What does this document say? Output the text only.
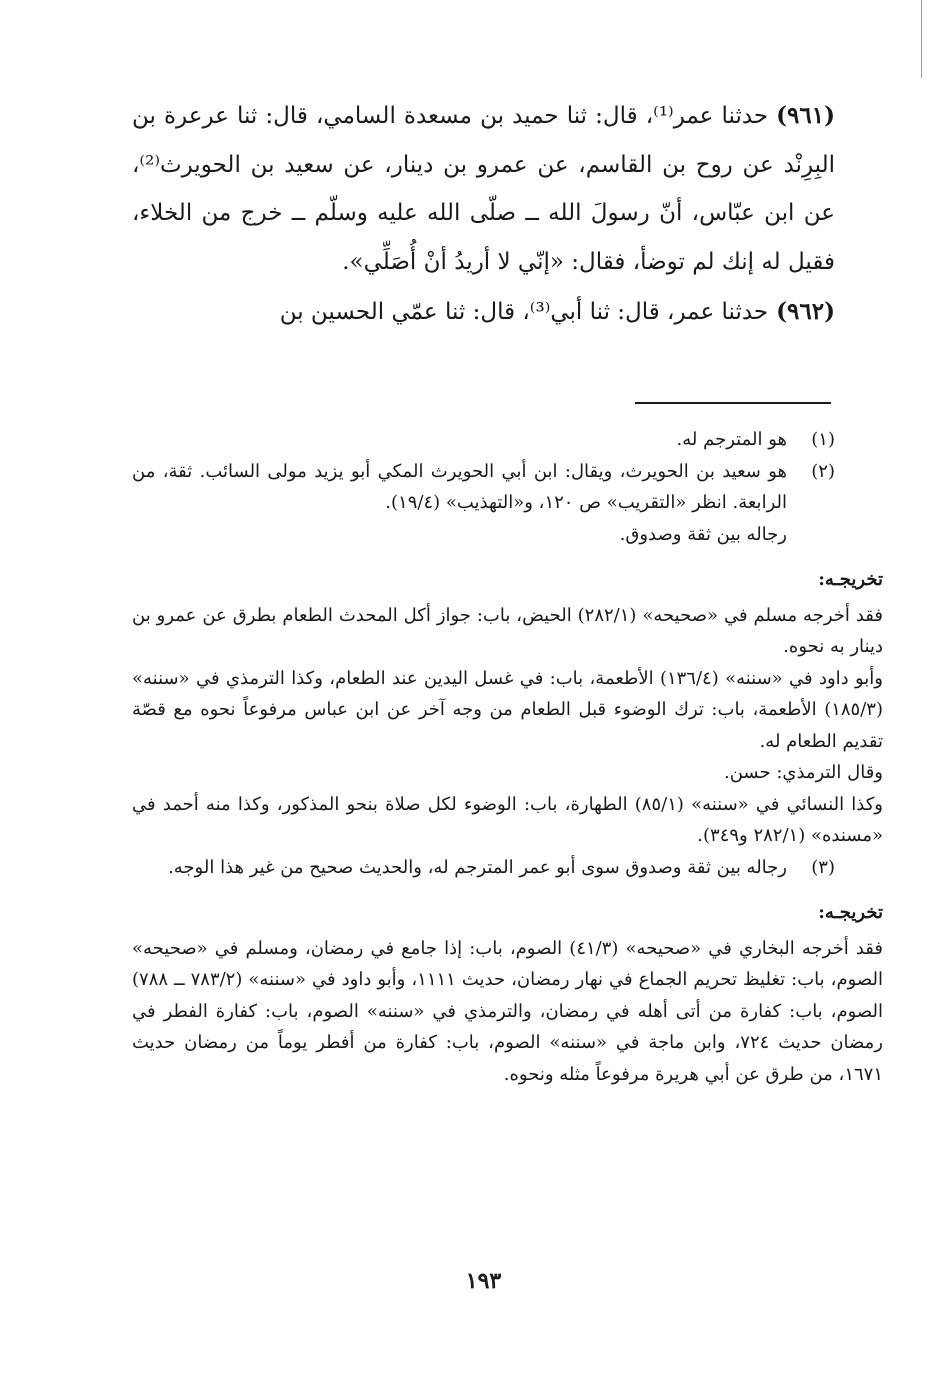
(٩٦١)حدثنا عمر⁽¹⁾، قال: ثنا حميد بن مسعدة السامي، قال: ثنا عرعرة بن البِرِنْد عن روح بن القاسم، عن عمرو بن دينار، عن سعيد بن الحويرث⁽²⁾، عن ابن عبّاس، أنّ رسولَ الله ــ صلّى الله عليه وسلّم ــ خرج من الخلاء، فقيل له إنك لم توضأ، فقال: «إنّي لا أريدُ أنْ أُصَلِّي».

(٩٦٢)حدثنا عمر، قال: ثنا أبي⁽³⁾، قال: ثنا عمّي الحسين بن

(١)

هو المترجم له.

(٢)

هو سعيد بن الحويرث، ويقال: ابن أبي الحويرث المكي أبو يزيد مولى السائب. ثقة، من الرابعة. انظر «التقريب» ص ١٢٠، و«التهذيب» (١٩/٤).

رجاله بين ثقة وصدوق.

تخريجـه:

فقد أخرجه مسلم في «صحيحه» (٢٨٢/١) الحيض، باب: جواز أكل المحدث الطعام بطرق عن عمرو بن دينار به نحوه.

وأبو داود في «سننه» (١٣٦/٤) الأطعمة، باب: في غسل اليدين عند الطعام، وكذا الترمذي في «سننه» (١٨٥/٣) الأطعمة، باب: ترك الوضوء قبل الطعام من وجه آخر عن ابن عباس مرفوعاً نحوه مع قصّة تقديم الطعام له.

وقال الترمذي: حسن.

وكذا النسائي في «سننه» (٨٥/١) الطهارة، باب: الوضوء لكل صلاة بنحو المذكور، وكذا منه أحمد في «مسنده» (٢٨٢/١ و٣٤٩).

(٣)

رجاله بين ثقة وصدوق سوى أبو عمر المترجم له، والحديث صحيح من غير هذا الوجه.

تخريجـه:

فقد أخرجه البخاري في «صحيحه» (٤١/٣) الصوم، باب: إذا جامع في رمضان، ومسلم في «صحيحه» الصوم، باب: تغليظ تحريم الجماع في نهار رمضان، حديث ١١١١، وأبو داود في «سننه» (٧٨٣/٢ ــ ٧٨٨) الصوم، باب: كفارة من أتى أهله في رمضان، والترمذي في «سننه» الصوم، باب: كفارة الفطر في رمضان حديث ٧٢٤، وابن ماجة في «سننه» الصوم، باب: كفارة من أفطر يوماً من رمضان حديث ١٦٧١، من طرق عن أبي هريرة مرفوعاً مثله ونحوه.

١٩٣
